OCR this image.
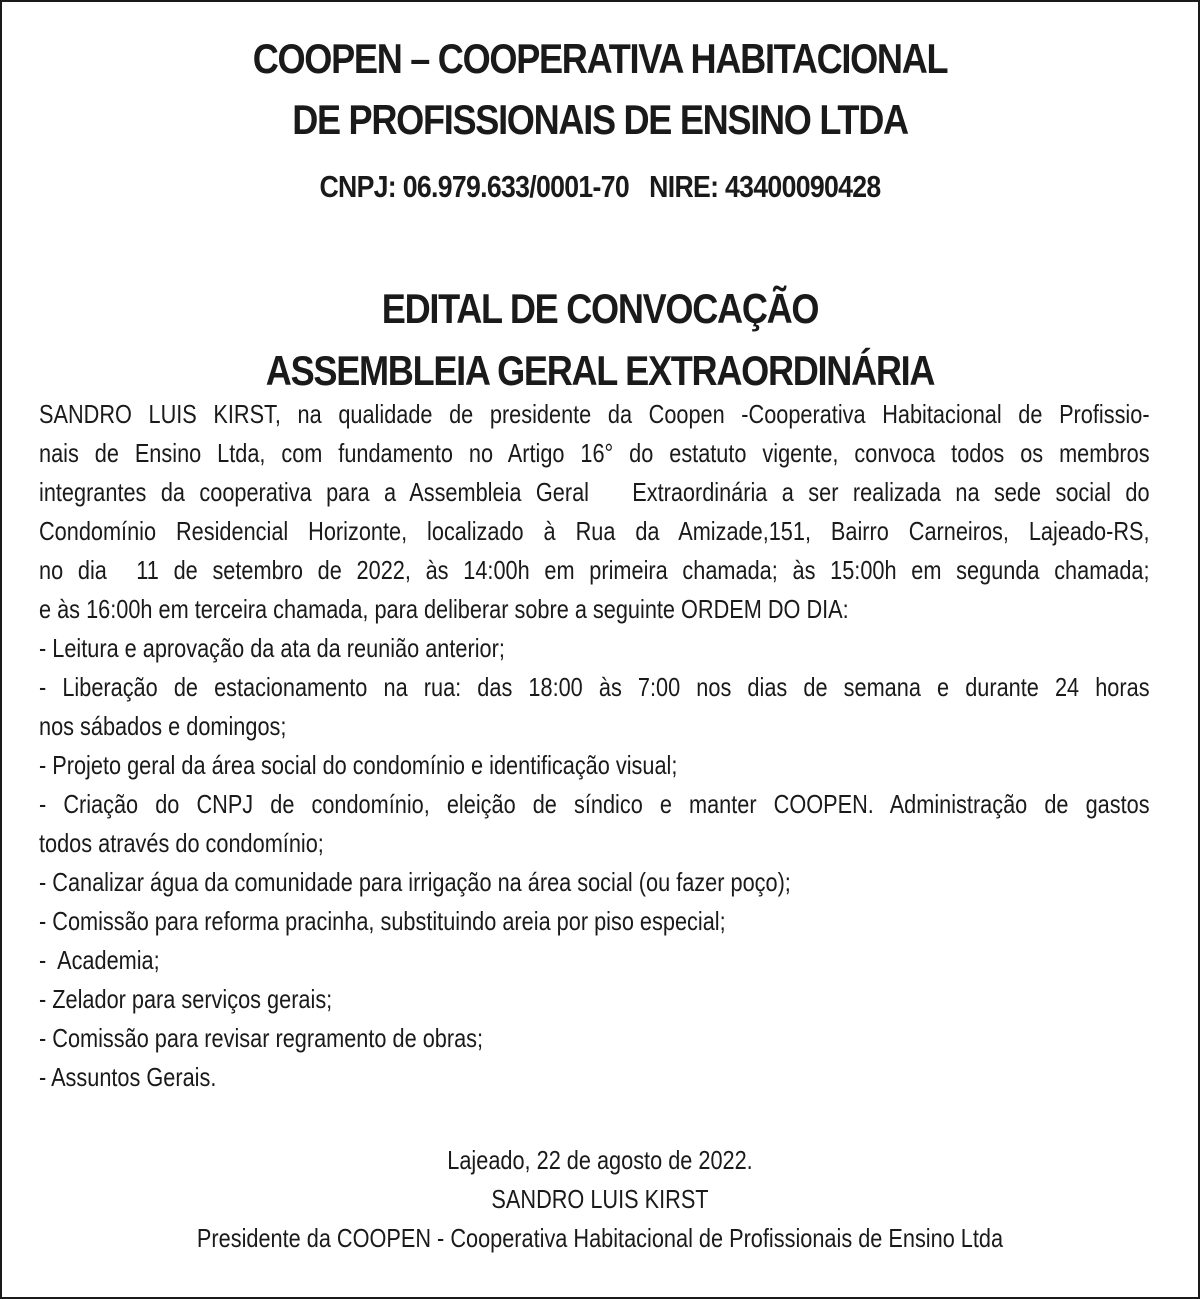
COOPEN – COOPERATIVA HABITACIONAL
DE PROFISSIONAIS DE ENSINO LTDA
CNPJ: 06.979.633/0001-70   NIRE: 43400090428
EDITAL DE CONVOCAÇÃO
ASSEMBLEIA GERAL EXTRAORDINÁRIA
SANDRO LUIS KIRST, na qualidade de presidente da Coopen -Cooperativa Habitacional de Profissio-
nais de Ensino Ltda, com fundamento no Artigo 16° do estatuto vigente, convoca todos os membros
integrantes da cooperativa para a Assembleia Geral   Extraordinária a ser realizada na sede social do
Condomínio Residencial Horizonte, localizado à Rua da Amizade,151, Bairro Carneiros, Lajeado-RS,
no dia  11 de setembro de 2022, às 14:00h em primeira chamada; às 15:00h em segunda chamada;
e às 16:00h em terceira chamada, para deliberar sobre a seguinte ORDEM DO DIA:
- Leitura e aprovação da ata da reunião anterior;
- Liberação de estacionamento na rua: das 18:00 às 7:00 nos dias de semana e durante 24 horas
nos sábados e domingos;
- Projeto geral da área social do condomínio e identificação visual;
- Criação do CNPJ de condomínio, eleição de síndico e manter COOPEN. Administração de gastos
todos através do condomínio;
- Canalizar água da comunidade para irrigação na área social (ou fazer poço);
- Comissão para reforma pracinha, substituindo areia por piso especial;
-  Academia;
- Zelador para serviços gerais;
- Comissão para revisar regramento de obras;
- Assuntos Gerais.
Lajeado, 22 de agosto de 2022.
SANDRO LUIS KIRST
Presidente da COOPEN - Cooperativa Habitacional de Profissionais de Ensino Ltda
